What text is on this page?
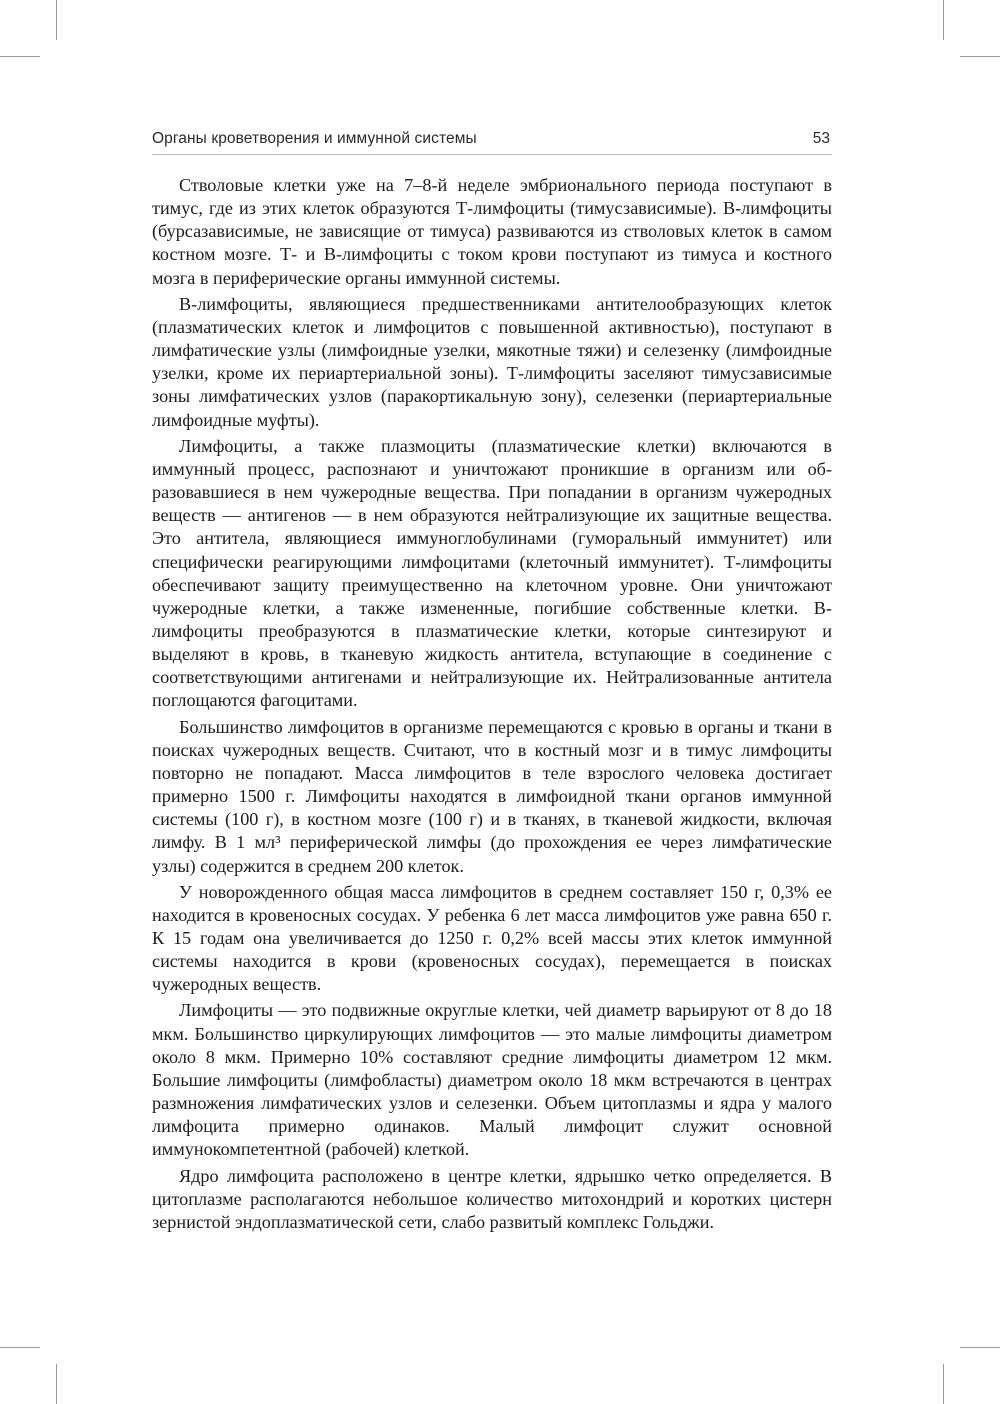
Органы кроветворения и иммунной системы	53

Стволовые клетки уже на 7–8-й неделе эмбрионального периода поступают в тимус, где из этих клеток образуются Т-лимфоциты (тимусзависимые). В-лимфоциты (бурсазависимые, не зависящие от тимуса) развиваются из стволовых клеток в самом костном мозге. Т- и В-лимфоциты с током крови поступают из тимуса и костного мозга в периферические органы иммунной системы.

В-лимфоциты, являющиеся предшественниками антителообразующих клеток (плазматических клеток и лимфоцитов с повышенной активностью), поступают в лимфатические узлы (лимфоидные узелки, мякотные тяжи) и селезенку (лимфоидные узелки, кроме их периартериальной зоны). Т-лимфоциты заселяют тимусзависимые зоны лимфатических узлов (паракортикальную зону), селезенки (периартериальные лимфоидные муфты).

Лимфоциты, а также плазмоциты (плазматические клетки) включаются в иммунный процесс, распознают и уничтожают проникшие в организм или образовавшиеся в нем чужеродные вещества. При попадании в организм чужеродных веществ — антигенов — в нем образуются нейтрализующие их защитные вещества. Это антитела, являющиеся иммуноглобулинами (гуморальный иммунитет) или специфически реагирующими лимфоцитами (клеточный иммунитет). Т-лимфоциты обеспечивают защиту преимущественно на клеточном уровне. Они уничтожают чужеродные клетки, а также измененные, погибшие собственные клетки. В-лимфоциты преобразуются в плазматические клетки, которые синтезируют и выделяют в кровь, в тканевую жидкость антитела, вступающие в соединение с соответствующими антигенами и нейтрализующие их. Нейтрализованные антитела поглощаются фагоцитами.

Большинство лимфоцитов в организме перемещаются с кровью в органы и ткани в поисках чужеродных веществ. Считают, что в костный мозг и в тимус лимфоциты повторно не попадают. Масса лимфоцитов в теле взрослого человека достигает примерно 1500 г. Лимфоциты находятся в лимфоидной ткани органов иммунной системы (100 г), в костном мозге (100 г) и в тканях, в тканевой жидкости, включая лимфу. В 1 мл³ периферической лимфы (до прохождения ее через лимфатические узлы) содержится в среднем 200 клеток.

У новорожденного общая масса лимфоцитов в среднем составляет 150 г, 0,3% ее находится в кровеносных сосудах. У ребенка 6 лет масса лимфоцитов уже равна 650 г. К 15 годам она увеличивается до 1250 г. 0,2% всей массы этих клеток иммунной системы находится в крови (кровеносных сосудах), перемещается в поисках чужеродных веществ.

Лимфоциты — это подвижные округлые клетки, чей диаметр варьируют от 8 до 18 мкм. Большинство циркулирующих лимфоцитов — это малые лимфоциты диаметром около 8 мкм. Примерно 10% составляют средние лимфоциты диаметром 12 мкм. Большие лимфоциты (лимфобласты) диаметром около 18 мкм встречаются в центрах размножения лимфатических узлов и селезенки. Объем цитоплазмы и ядра у малого лимфоцита примерно одинаков. Малый лимфоцит служит основной иммунокомпетентной (рабочей) клеткой.

Ядро лимфоцита расположено в центре клетки, ядрышко четко определяется. В цитоплазме располагаются небольшое количество митохондрий и коротких цистерн зернистой эндоплазматической сети, слабо развитый комплекс Гольджи.
